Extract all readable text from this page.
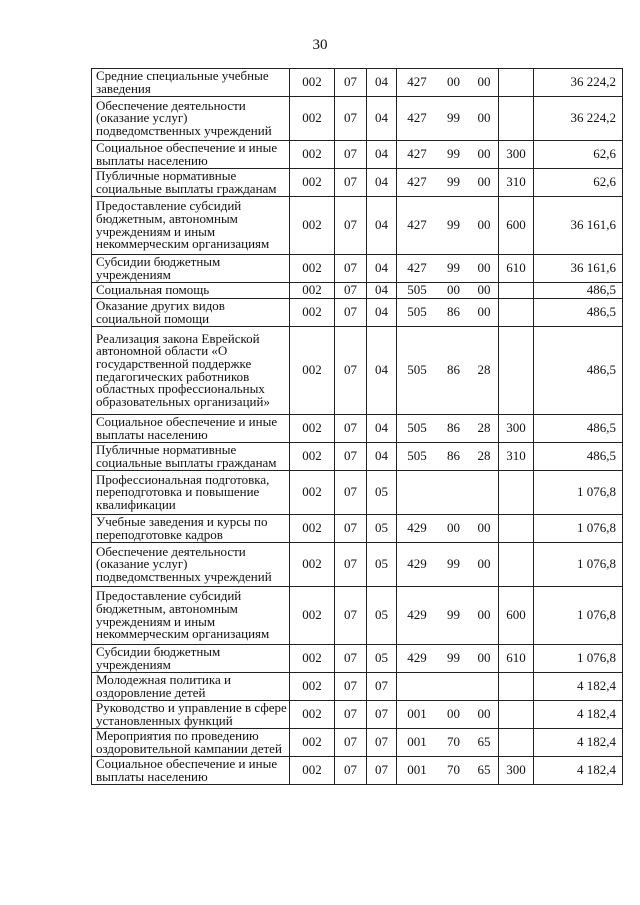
30
Средние специальные учебные заведения	002	07	04	427 00 00		36 224,2
Обеспечение деятельности (оказание услуг) подведомственных учреждений	002	07	04	427 99 00		36 224,2
Социальное обеспечение и иные выплаты населению	002	07	04	427 99 00	300	62,6
Публичные нормативные социальные выплаты гражданам	002	07	04	427 99 00	310	62,6
Предоставление субсидий бюджетным, автономным учреждениям и иным некоммерческим организациям	002	07	04	427 99 00	600	36 161,6
Субсидии бюджетным учреждениям	002	07	04	427 99 00	610	36 161,6
Социальная помощь	002	07	04	505 00 00		486,5
Оказание других видов социальной помощи	002	07	04	505 86 00		486,5
Реализация закона Еврейской автономной области «О государственной поддержке педагогических работников областных профессиональных образовательных организаций»	002	07	04	505 86 28		486,5
Социальное обеспечение и иные выплаты населению	002	07	04	505 86 28	300	486,5
Публичные нормативные социальные выплаты гражданам	002	07	04	505 86 28	310	486,5
Профессиональная подготовка, переподготовка и повышение квалификации	002	07	05			1 076,8
Учебные заведения и курсы по переподготовке кадров	002	07	05	429 00 00		1 076,8
Обеспечение деятельности (оказание услуг) подведомственных учреждений	002	07	05	429 99 00		1 076,8
Предоставление субсидий бюджетным, автономным учреждениям и иным некоммерческим организациям	002	07	05	429 99 00	600	1 076,8
Субсидии бюджетным учреждениям	002	07	05	429 99 00	610	1 076,8
Молодежная политика и оздоровление детей	002	07	07			4 182,4
Руководство и управление в сфере установленных функций	002	07	07	001 00 00		4 182,4
Мероприятия по проведению оздоровительной кампании детей	002	07	07	001 70 65		4 182,4
Социальное обеспечение и иные выплаты населению	002	07	07	001 70 65	300	4 182,4
